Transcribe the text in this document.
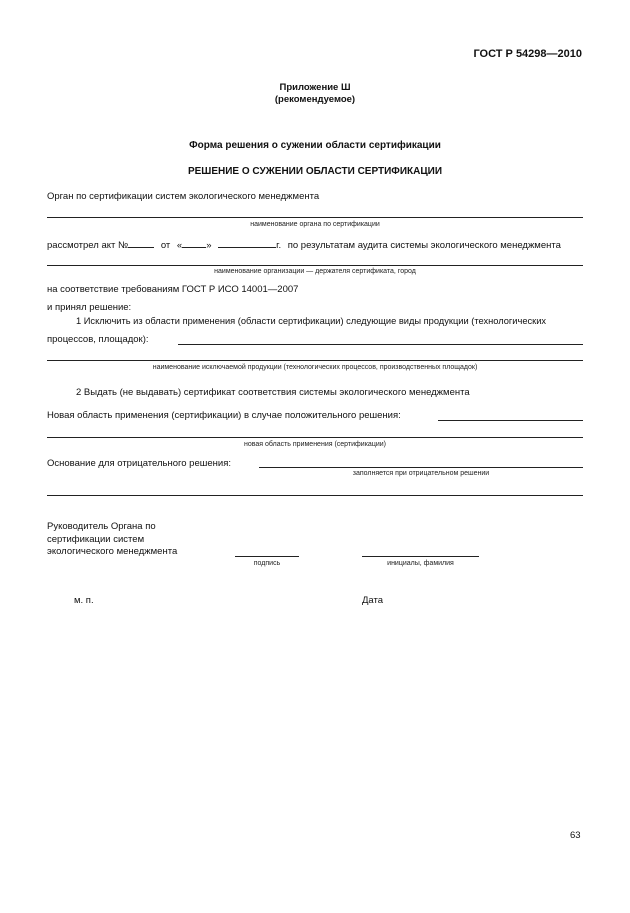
ГОСТ Р 54298—2010
Приложение Ш
(рекомендуемое)
Форма решения о сужении области сертификации
РЕШЕНИЕ О СУЖЕНИИ ОБЛАСТИ СЕРТИФИКАЦИИ
Орган по сертификации систем экологического менеджмента
наименование органа по сертификации
рассмотрел акт №	от «	»	г. по результатам аудита системы экологического менеджмента
наименование организации — держателя сертификата, город
на соответствие требованиям ГОСТ Р ИСО 14001—2007
и принял решение:
1 Исключить из области применения (области сертификации) следующие виды продукции (технологических
процессов, площадок):
наименование исключаемой продукции (технологических процессов, производственных площадок)
2 Выдать (не выдавать) сертификат соответствия системы экологического менеджмента
Новая область применения (сертификации) в случае положительного решения:
новая область применения (сертификации)
Основание для отрицательного решения:
заполняется при отрицательном решении
Руководитель Органа по
сертификации систем
экологического менеджмента
подпись	инициалы, фамилия
м. п.	Дата
63
